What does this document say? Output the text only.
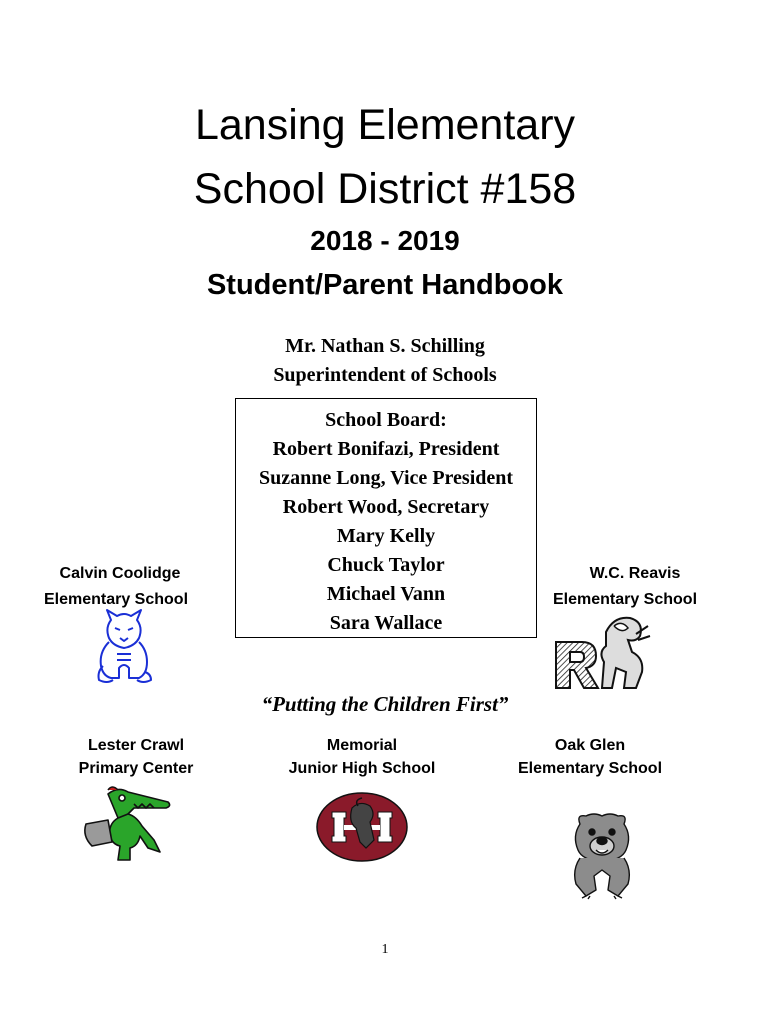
Lansing Elementary
School District #158
2018 - 2019
Student/Parent Handbook
Mr. Nathan S. Schilling
Superintendent of Schools
School Board:
Robert Bonifazi, President
Suzanne Long, Vice President
Robert Wood, Secretary
Mary Kelly
Chuck Taylor
Michael Vann
Sara Wallace
Calvin Coolidge
Elementary School
W.C. Reavis
Elementary School
“Putting the Children First”
Lester Crawl
Primary Center
Memorial
Junior High School
Oak Glen
Elementary School
1
